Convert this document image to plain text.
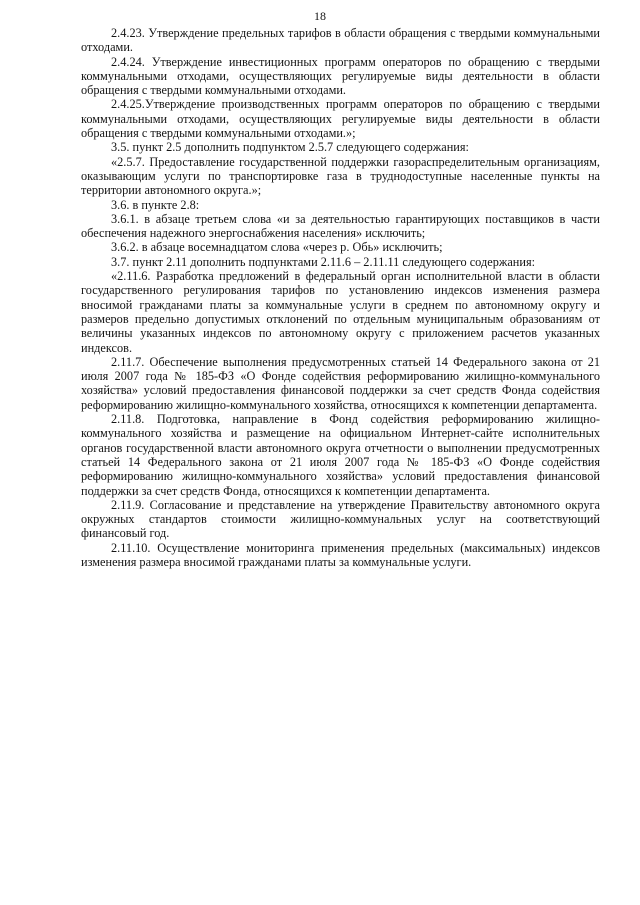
18

2.4.23. Утверждение предельных тарифов в области обращения с твердыми коммунальными отходами.

2.4.24. Утверждение инвестиционных программ операторов по обращению с твердыми коммунальными отходами, осуществляющих регулируемые виды деятельности в области обращения с твердыми коммунальными отходами.

2.4.25.Утверждение производственных программ операторов по обращению с твердыми коммунальными отходами, осуществляющих регулируемые виды деятельности в области обращения с твердыми коммунальными отходами.»;

3.5. пункт 2.5 дополнить подпунктом 2.5.7 следующего содержания:

«2.5.7. Предоставление государственной поддержки газораспределительным организациям, оказывающим услуги по транспортировке газа в труднодоступные населенные пункты на территории автономного округа.»;

3.6. в пункте 2.8:

3.6.1. в абзаце третьем слова «и за деятельностью гарантирующих поставщиков в части обеспечения надежного энергоснабжения населения» исключить;

3.6.2. в абзаце восемнадцатом слова «через р. Обь» исключить;

3.7. пункт 2.11 дополнить подпунктами 2.11.6 – 2.11.11 следующего содержания:

«2.11.6. Разработка предложений в федеральный орган исполнительной власти в области государственного регулирования тарифов по установлению индексов изменения размера вносимой гражданами платы за коммунальные услуги в среднем по автономному округу и размеров предельно допустимых отклонений по отдельным муниципальным образованиям от величины указанных индексов по автономному округу с приложением расчетов указанных индексов.

2.11.7. Обеспечение выполнения предусмотренных статьей 14 Федерального закона от 21 июля 2007 года № 185-ФЗ «О Фонде содействия реформированию жилищно-коммунального хозяйства» условий предоставления финансовой поддержки за счет средств Фонда содействия реформированию жилищно-коммунального хозяйства, относящихся к компетенции департамента.

2.11.8. Подготовка, направление в Фонд содействия реформированию жилищно-коммунального хозяйства и размещение на официальном Интернет-сайте исполнительных органов государственной власти автономного округа отчетности о выполнении предусмотренных статьей 14 Федерального закона от 21 июля 2007 года № 185-ФЗ «О Фонде содействия реформированию жилищно-коммунального хозяйства» условий предоставления финансовой поддержки за счет средств Фонда, относящихся к компетенции департамента.

2.11.9. Согласование и представление на утверждение Правительству автономного округа окружных стандартов стоимости жилищно-коммунальных услуг на соответствующий финансовый год.

2.11.10. Осуществление мониторинга применения предельных (максимальных) индексов изменения размера вносимой гражданами платы за коммунальные услуги.
